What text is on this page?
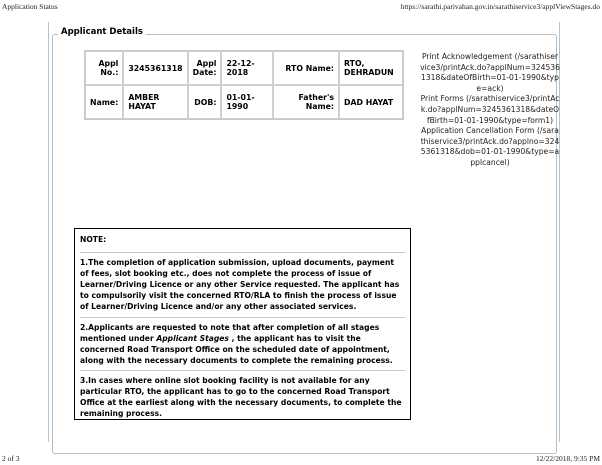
Application Status	https://sarathi.parivahan.gov.in/sarathiservice3/applViewStages.do
Applicant Details
Appl No.:	3245361318	Appl Date:	22-12-2018	RTO Name:	RTO, DEHRADUN
Name:	AMBER HAYAT	DOB:	01-01-1990	Father's Name:	DAD HAYAT
Print Acknowledgement (/sarathiservice3/printAck.do?applNum=3245361318&dateOfBirth=01-01-1990&type=ack)
Print Forms (/sarathiservice3/printAck.do?applNum=3245361318&dateOfBirth=01-01-1990&type=form1)
Application Cancellation Form (/sarathiservice3/printAck.do?applno=3245361318&dob=01-01-1990&type=applcancel)
NOTE:
1.The completion of application submission, upload documents, payment of fees, slot booking etc., does not complete the process of issue of Learner/Driving Licence or any other Service requested. The applicant has to compulsorily visit the concerned RTO/RLA to finish the process of issue of Learner/Driving Licence and/or any other associated services.
2.Applicants are requested to note that after completion of all stages mentioned under Applicant Stages , the applicant has to visit the concerned Road Transport Office on the scheduled date of appointment, along with the necessary documents to complete the remaining process.
3.In cases where online slot booking facility is not available for any particular RTO, the applicant has to go to the concerned Road Transport Office at the earliest along with the necessary documents, to complete the remaining process.
2 of 3	12/22/2018, 9:35 PM
